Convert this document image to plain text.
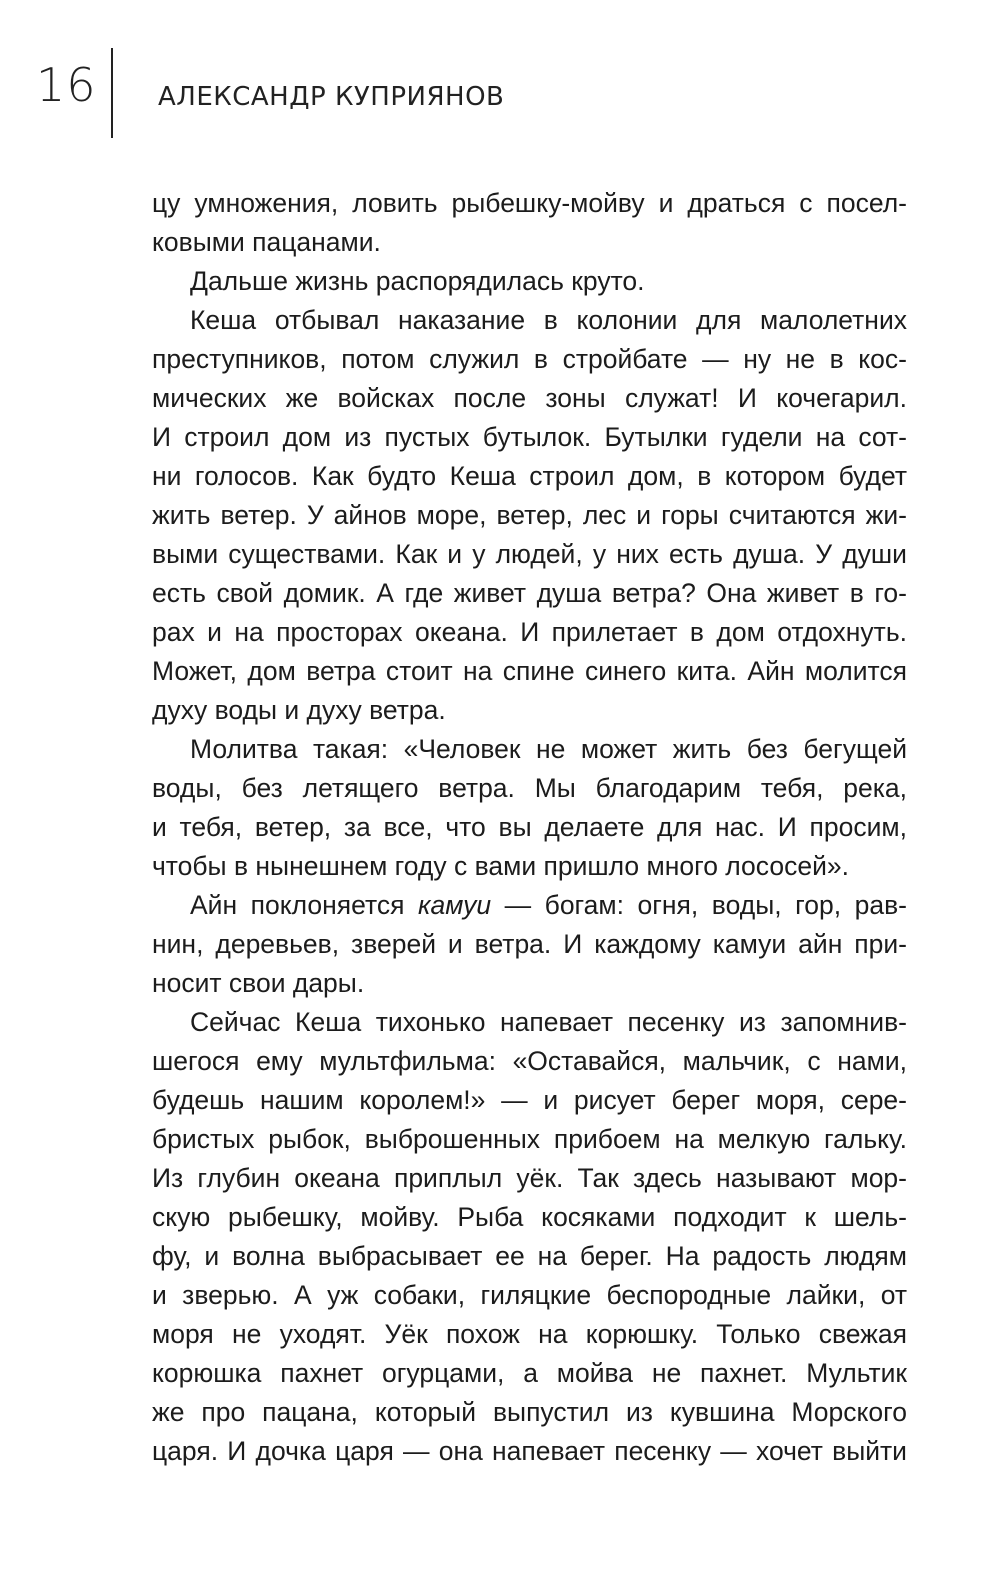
16 АЛЕКСАНДР КУПРИЯНОВ
цу умножения, ловить рыбешку-мойву и драться с посел-
ковыми пацанами.
Дальше жизнь распорядилась круто.
Кеша отбывал наказание в колонии для малолетних
преступников, потом служил в стройбате — ну не в кос-
мических же войсках после зоны служат! И кочегарил.
И строил дом из пустых бутылок. Бутылки гудели на сот-
ни голосов. Как будто Кеша строил дом, в котором будет
жить ветер. У айнов море, ветер, лес и горы считаются жи-
выми существами. Как и у людей, у них есть душа. У души
есть свой домик. А где живет душа ветра? Она живет в го-
рах и на просторах океана. И прилетает в дом отдохнуть.
Может, дом ветра стоит на спине синего кита. Айн молится
духу воды и духу ветра.
Молитва такая: «Человек не может жить без бегущей
воды, без летящего ветра. Мы благодарим тебя, река,
и тебя, ветер, за все, что вы делаете для нас. И просим,
чтобы в нынешнем году с вами пришло много лососей».
Айн поклоняется камуи — богам: огня, воды, гор, рав-
нин, деревьев, зверей и ветра. И каждому камуи айн при-
носит свои дары.
Сейчас Кеша тихонько напевает песенку из запомнив-
шегося ему мультфильма: «Оставайся, мальчик, с нами,
будешь нашим королем!» — и рисует берег моря, сере-
бристых рыбок, выброшенных прибоем на мелкую гальку.
Из глубин океана приплыл уёк. Так здесь называют мор-
скую рыбешку, мойву. Рыба косяками подходит к шель-
фу, и волна выбрасывает ее на берег. На радость людям
и зверью. А уж собаки, гиляцкие беспородные лайки, от
моря не уходят. Уёк похож на корюшку. Только свежая
корюшка пахнет огурцами, а мойва не пахнет. Мультик
же про пацана, который выпустил из кувшина Морского
царя. И дочка царя — она напевает песенку — хочет выйти
